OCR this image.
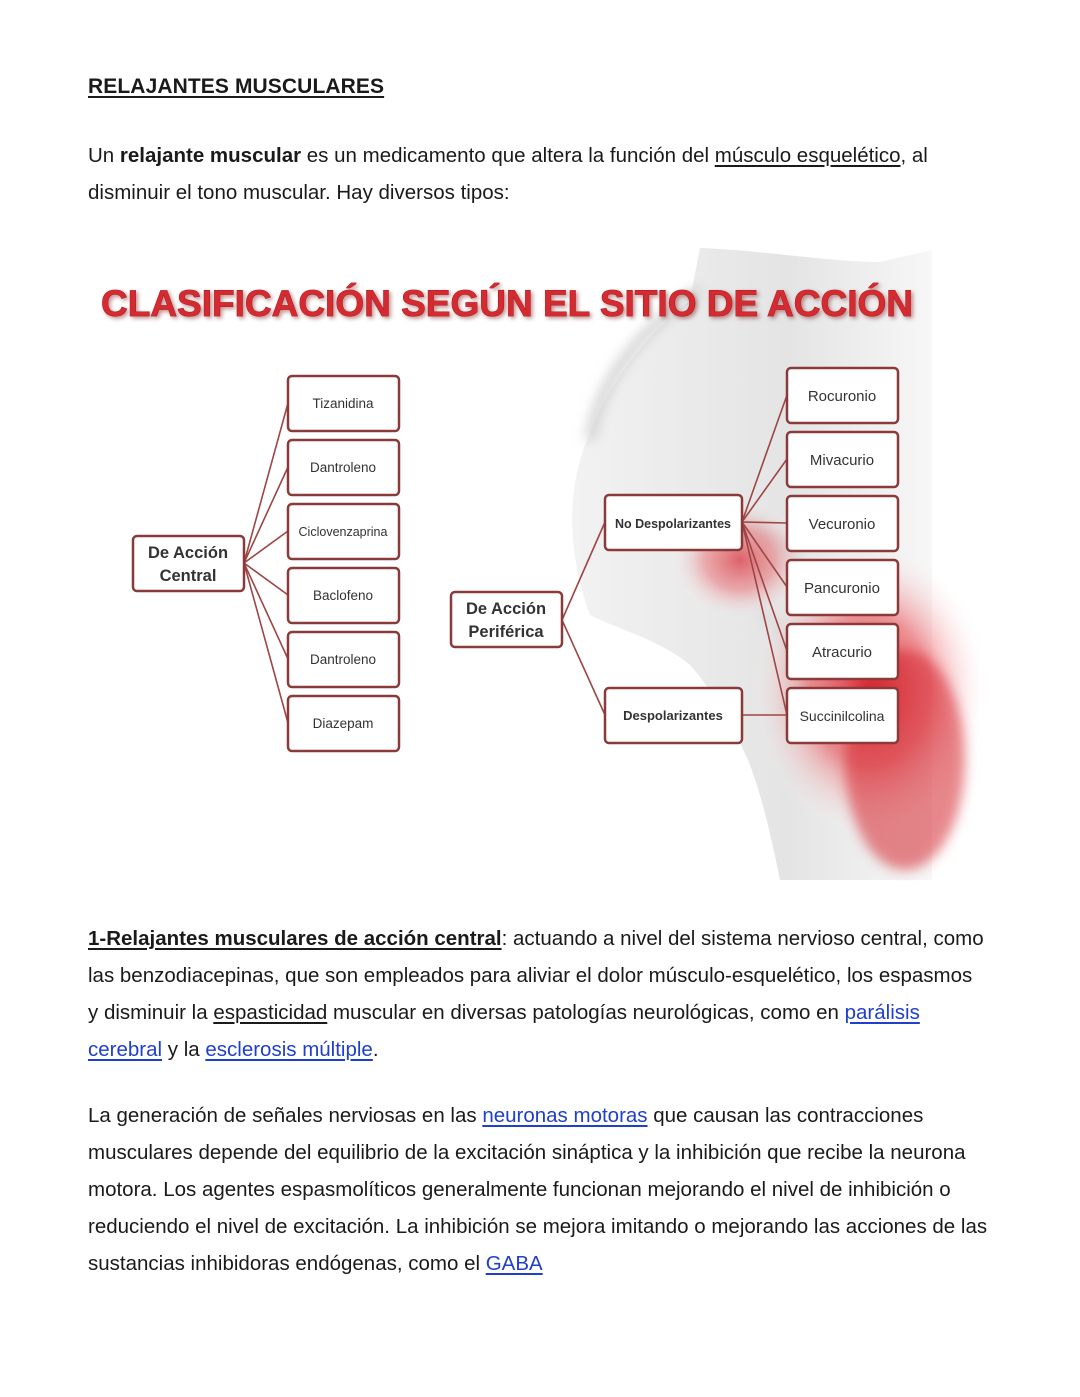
RELAJANTES MUSCULARES
Un relajante muscular es un medicamento que altera la función del músculo esquelético, al disminuir el tono muscular. Hay diversos tipos:
CLASIFICACIÓN SEGÚN EL SITIO DE ACCIÓN
De Acción
Central
Tizanidina
Dantroleno
Ciclovenzaprina
Baclofeno
Dantroleno
Diazepam
De Acción
Periférica
No Despolarizantes
Despolarizantes
Rocuronio
Mivacurio
Vecuronio
Pancuronio
Atracurio
Succinilcolina
1-Relajantes musculares de acción central: actuando a nivel del sistema nervioso central, como las benzodiacepinas, que son empleados para aliviar el dolor músculo-esquelético, los espasmos y disminuir la espasticidad muscular en diversas patologías neurológicas, como en parálisis cerebral y la esclerosis múltiple.
La generación de señales nerviosas en las neuronas motoras que causan las contracciones musculares depende del equilibrio de la excitación sináptica y la inhibición que recibe la neurona motora. Los agentes espasmolíticos generalmente funcionan mejorando el nivel de inhibición o reduciendo el nivel de excitación. La inhibición se mejora imitando o mejorando las acciones de las sustancias inhibidoras endógenas, como el GABA
